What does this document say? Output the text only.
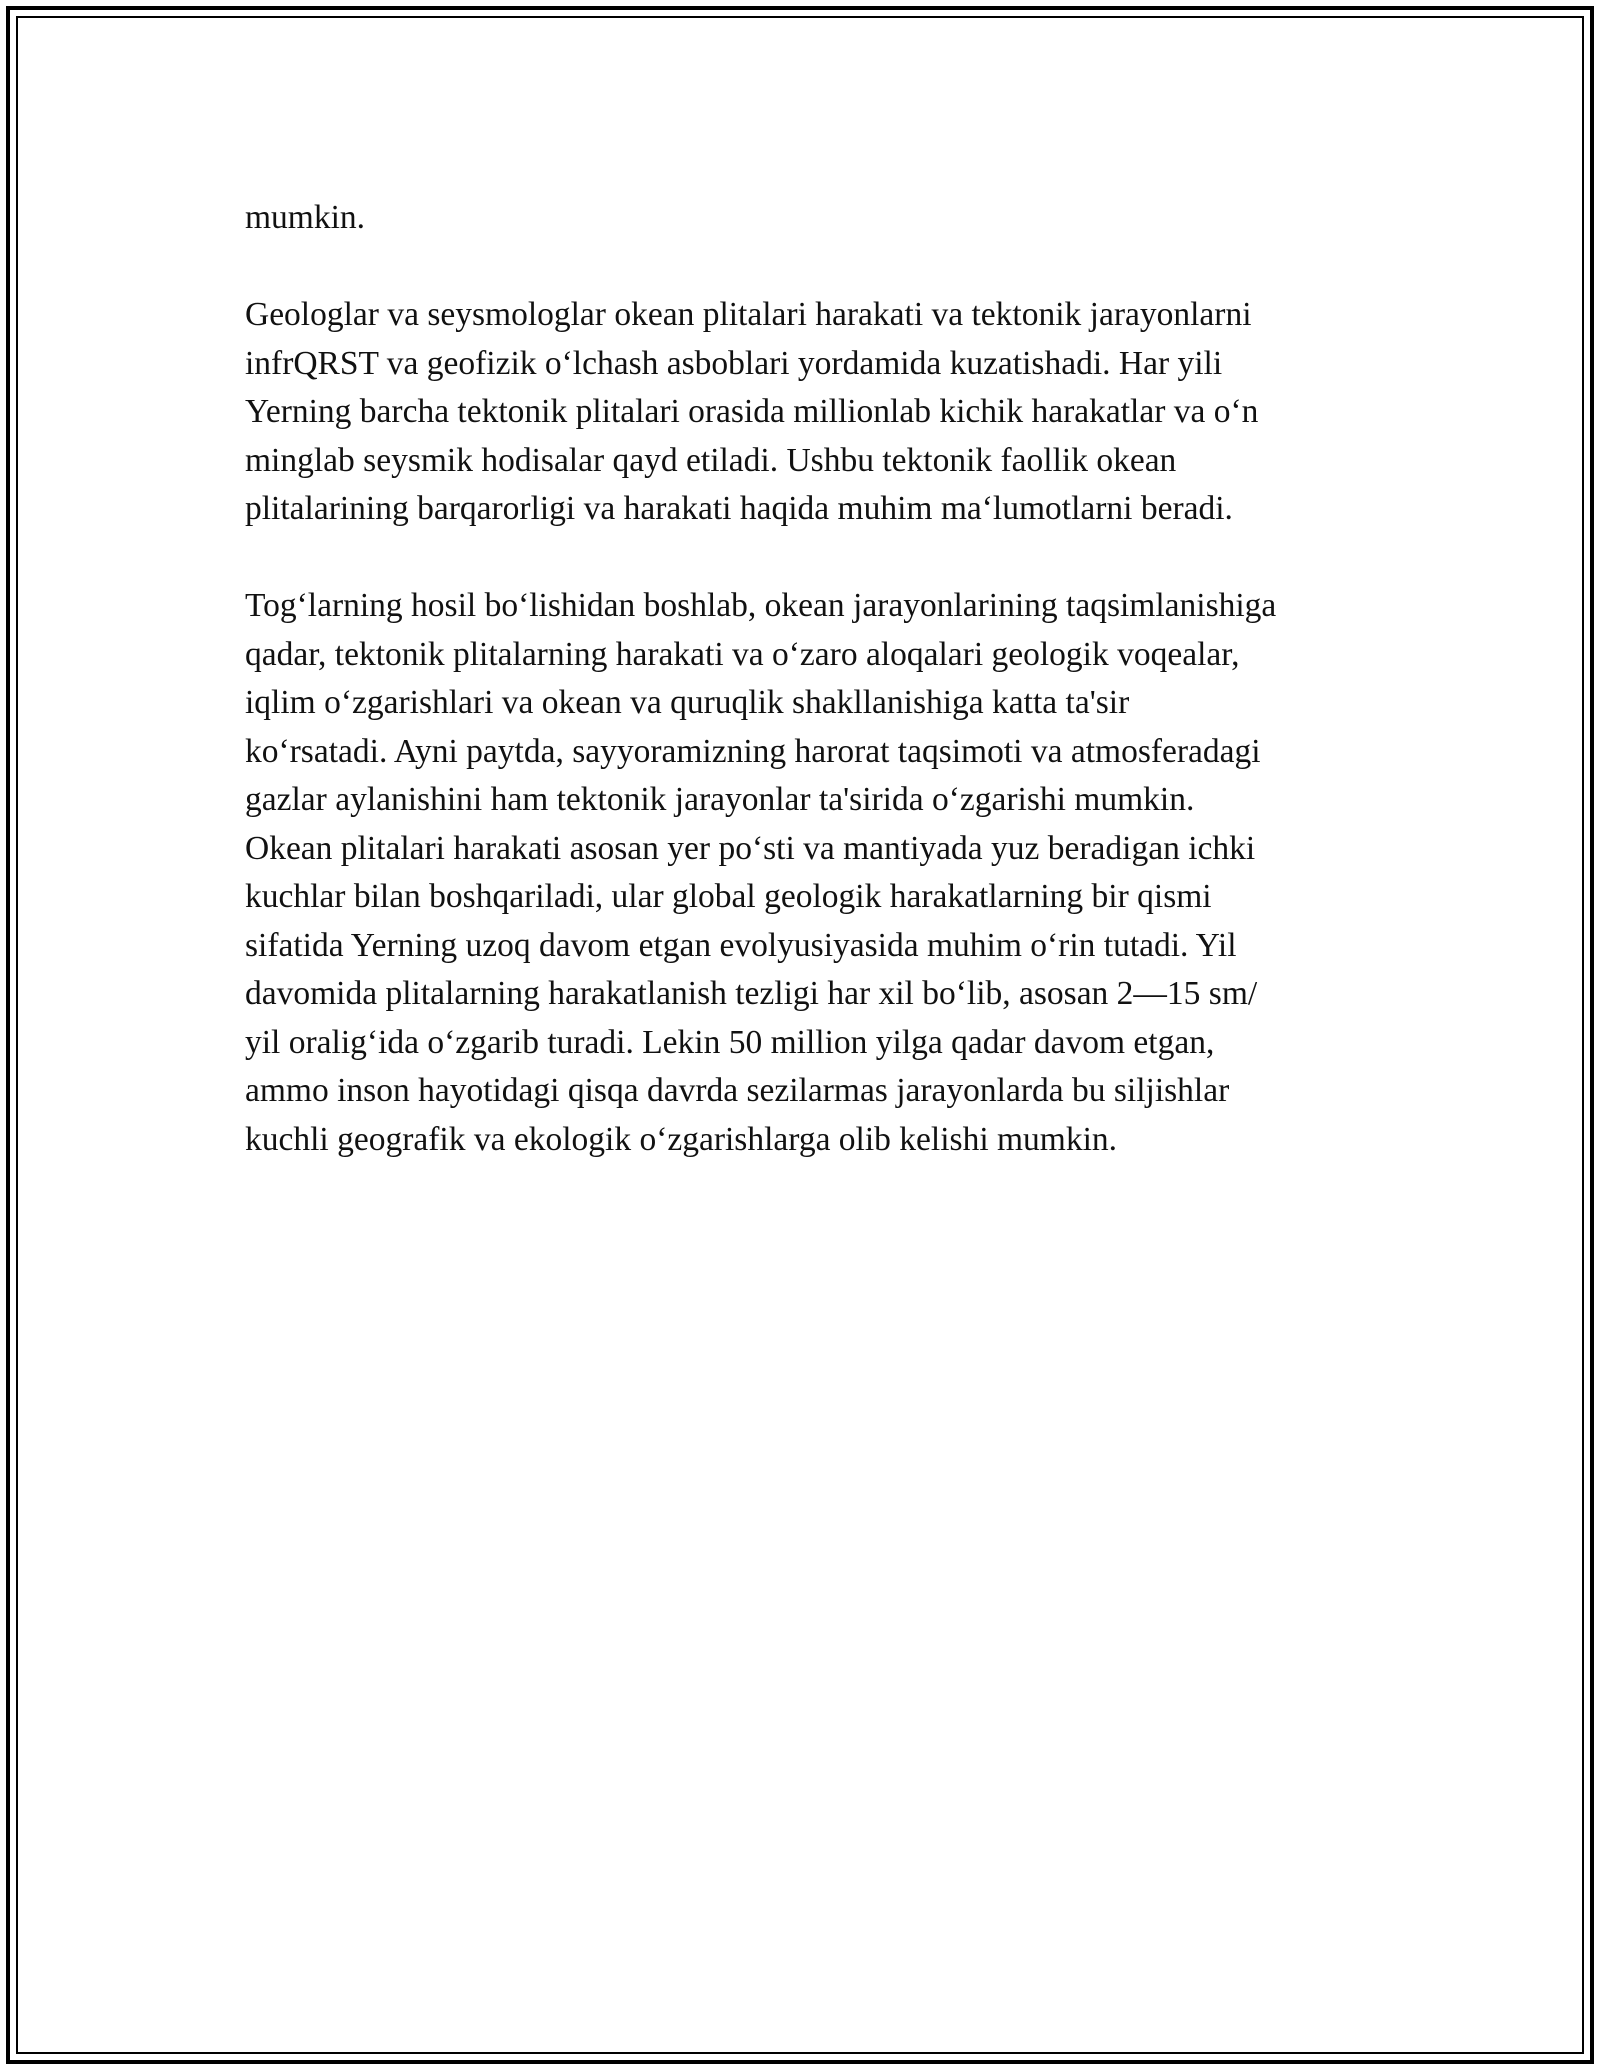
mumkin.

Geologlar va seysmologlar okean plitalari harakati va tektonik jarayonlarni
infrQRST va geofizik o‘lchash asboblari yordamida kuzatishadi. Har yili
Yerning barcha tektonik plitalari orasida millionlab kichik harakatlar va o‘n
minglab seysmik hodisalar qayd etiladi. Ushbu tektonik faollik okean
plitalarining barqarorligi va harakati haqida muhim ma‘lumotlarni beradi.

Tog‘larning hosil bo‘lishidan boshlab, okean jarayonlarining taqsimlanishiga
qadar, tektonik plitalarning harakati va o‘zaro aloqalari geologik voqealar,
iqlim o‘zgarishlari va okean va quruqlik shakllanishiga katta ta'sir
ko‘rsatadi. Ayni paytda, sayyoramizning harorat taqsimoti va atmosferadagi
gazlar aylanishini ham tektonik jarayonlar ta'sirida o‘zgarishi mumkin.
Okean plitalari harakati asosan yer po‘sti va mantiyada yuz beradigan ichki
kuchlar bilan boshqariladi, ular global geologik harakatlarning bir qismi
sifatida Yerning uzoq davom etgan evolyusiyasida muhim o‘rin tutadi. Yil
davomida plitalarning harakatlanish tezligi har xil bo‘lib, asosan 2—15 sm/
yil oralig‘ida o‘zgarib turadi. Lekin 50 million yilga qadar davom etgan,
ammo inson hayotidagi qisqa davrda sezilarmas jarayonlarda bu siljishlar
kuchli geografik va ekologik o‘zgarishlarga olib kelishi mumkin.
